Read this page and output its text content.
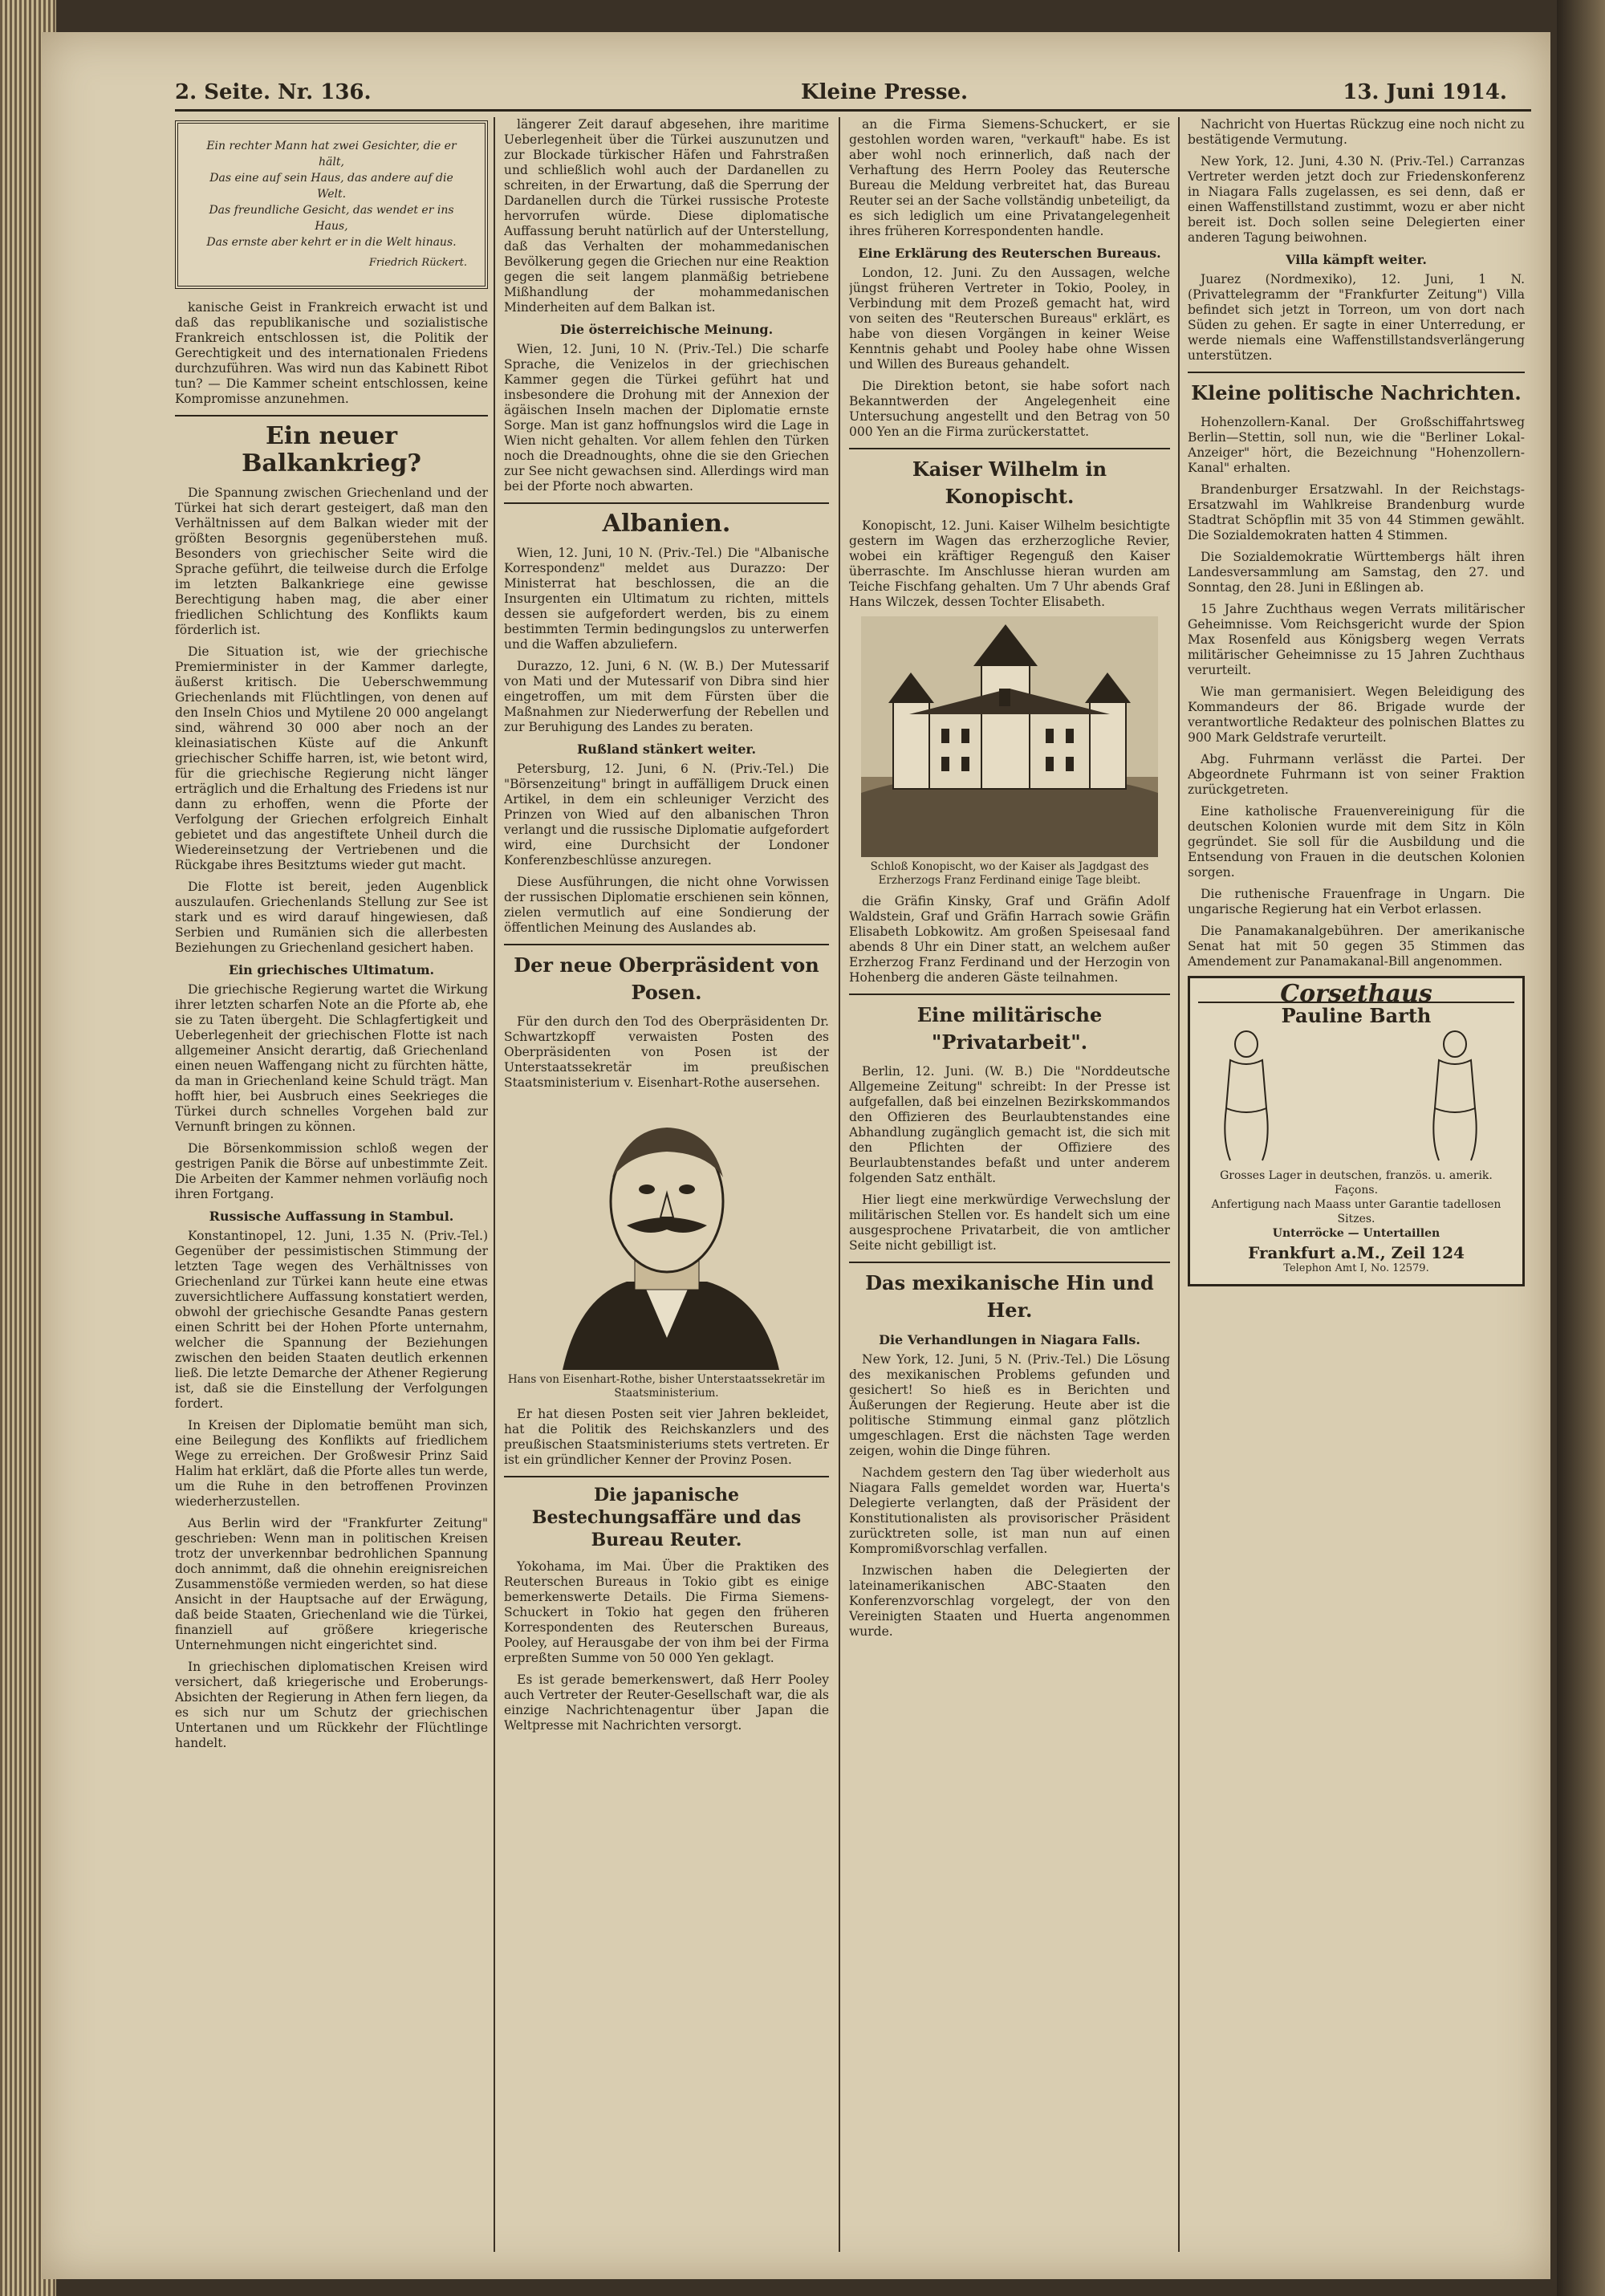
2. Seite. Nr. 136.	Kleine Presse.	13. Juni 1914.
Ein rechter Mann hat zwei Gesichter, die er hält,
Das eine auf sein Haus, das andere auf die Welt.
Das freundliche Gesicht, das wendet er ins Haus,
Das ernste aber kehrt er in die Welt hinaus.
Friedrich Rückert.

kanische Geist in Frankreich erwacht ist und daß das republikanische und sozialistische Frankreich entschlossen ist, die Politik der Gerechtigkeit und des internationalen Friedens durchzuführen. Was wird nun das Kabinett Ribot tun? — Die Kammer scheint entschlossen, keine Kompromisse anzunehmen.

Ein neuer Balkankrieg?

Die Spannung zwischen Griechenland und der Türkei hat sich derart gesteigert, daß man den Verhältnissen auf dem Balkan wieder mit der größten Besorgnis gegenüberstehen muß. Besonders von griechischer Seite wird die Sprache geführt, die teilweise durch die Erfolge im letzten Balkankriege eine gewisse Berechtigung haben mag, die aber einer friedlichen Schlichtung des Konflikts kaum förderlich ist.

Die Situation ist, wie der griechische Premierminister in der Kammer darlegte, äußerst kritisch. Die Ueberschwemmung Griechenlands mit Flüchtlingen, von denen auf den Inseln Chios und Mytilene 20 000 angelangt sind, während 30 000 aber noch an der kleinasiatischen Küste auf die Ankunft griechischer Schiffe harren, ist, wie betont wird, für die griechische Regierung nicht länger erträglich und die Erhaltung des Friedens ist nur dann zu erhoffen, wenn die Pforte der Verfolgung der Griechen erfolgreich Einhalt gebietet und das angestiftete Unheil durch die Wiedereinsetzung der Vertriebenen und die Rückgabe ihres Besitztums wieder gut macht.

Die Flotte ist bereit, jeden Augenblick auszulaufen. Griechenlands Stellung zur See ist stark und es wird darauf hingewiesen, daß Serbien und Rumänien sich die allerbesten Beziehungen zu Griechenland gesichert haben.

Ein griechisches Ultimatum.

Die griechische Regierung wartet die Wirkung ihrer letzten scharfen Note an die Pforte ab, ehe sie zu Taten übergeht. Die Schlagfertigkeit und Ueberlegenheit der griechischen Flotte ist nach allgemeiner Ansicht derartig, daß Griechenland einen neuen Waffengang nicht zu fürchten hätte, da man in Griechenland keine Schuld trägt. Man hofft hier, bei Ausbruch eines Seekrieges die Türkei durch schnelles Vorgehen bald zur Vernunft bringen zu können.

Die Börsenkommission schloß wegen der gestrigen Panik die Börse auf unbestimmte Zeit. Die Arbeiten der Kammer nehmen vorläufig noch ihren Fortgang.

Russische Auffassung in Stambul.

Konstantinopel, 12. Juni, 1.35 N. (Priv.-Tel.) Gegenüber der pessimistischen Stimmung der letzten Tage wegen des Verhältnisses von Griechenland zur Türkei kann heute eine etwas zuversichtlichere Auffassung konstatiert werden, obwohl der griechische Gesandte Panas gestern einen Schritt bei der Hohen Pforte unternahm, welcher die Spannung der Beziehungen zwischen den beiden Staaten deutlich erkennen ließ. Die letzte Demarche der Athener Regierung ist, daß sie die Einstellung der Verfolgungen fordert.

In Kreisen der Diplomatie bemüht man sich, eine Beilegung des Konflikts auf friedlichem Wege zu erreichen. Der Großwesir Prinz Said Halim hat erklärt, daß die Pforte alles tun werde, um die Ruhe in den betroffenen Provinzen wiederherzustellen.

Aus Berlin wird der "Frankfurter Zeitung" geschrieben: Wenn man in politischen Kreisen trotz der unverkennbar bedrohlichen Spannung doch annimmt, daß die ohnehin ereignisreichen Zusammenstöße vermieden werden, so hat diese Ansicht in der Hauptsache auf der Erwägung, daß beide Staaten, Griechenland wie die Türkei, finanziell auf größere kriegerische Unternehmungen nicht eingerichtet sind.

In griechischen diplomatischen Kreisen wird versichert, daß kriegerische und Eroberungs-Absichten der Regierung in Athen fern liegen, da es sich nur um Schutz der griechischen Untertanen und um Rückkehr der Flüchtlinge handelt.

längerer Zeit darauf abgesehen, ihre maritime Ueberlegenheit über die Türkei auszunutzen und zur Blockade türkischer Häfen und Fahrstraßen und schließlich wohl auch der Dardanellen zu schreiten, in der Erwartung, daß die Sperrung der Dardanellen durch die Türkei russische Proteste hervorrufen würde. Diese diplomatische Auffassung beruht natürlich auf der Unterstellung, daß das Verhalten der mohammedanischen Bevölkerung gegen die Griechen nur eine Reaktion gegen die seit langem planmäßig betriebene Mißhandlung der mohammedanischen Minderheiten auf dem Balkan ist.

Die österreichische Meinung.

Wien, 12. Juni, 10 N. (Priv.-Tel.) Die scharfe Sprache, die Venizelos in der griechischen Kammer gegen die Türkei geführt hat und insbesondere die Drohung mit der Annexion der ägäischen Inseln machen der Diplomatie ernste Sorge. Man ist ganz hoffnungslos wird die Lage in Wien nicht gehalten. Vor allem fehlen den Türken noch die Dreadnoughts, ohne die sie den Griechen zur See nicht gewachsen sind. Allerdings wird man bei der Pforte noch abwarten.

Albanien.

Wien, 12. Juni, 10 N. (Priv.-Tel.) Die "Albanische Korrespondenz" meldet aus Durazzo: Der Ministerrat hat beschlossen, die an die Insurgenten ein Ultimatum zu richten, mittels dessen sie aufgefordert werden, bis zu einem bestimmten Termin bedingungslos zu unterwerfen und die Waffen abzuliefern.

Durazzo, 12. Juni, 6 N. (W. B.) Der Mutessarif von Mati und der Mutessarif von Dibra sind hier eingetroffen, um mit dem Fürsten über die Maßnahmen zur Niederwerfung der Rebellen und zur Beruhigung des Landes zu beraten.

Rußland stänkert weiter.

Petersburg, 12. Juni, 6 N. (Priv.-Tel.) Die "Börsenzeitung" bringt in auffälligem Druck einen Artikel, in dem ein schleuniger Verzicht des Prinzen von Wied auf den albanischen Thron verlangt und die russische Diplomatie aufgefordert wird, eine Durchsicht der Londoner Konferenzbeschlüsse anzuregen.

Diese Ausführungen, die nicht ohne Vorwissen der russischen Diplomatie erschienen sein können, zielen vermutlich auf eine Sondierung der öffentlichen Meinung des Auslandes ab.

Der neue Oberpräsident von Posen.

Für den durch den Tod des Oberpräsidenten Dr. Schwartzkopff verwaisten Posten des Oberpräsidenten von Posen ist der Unterstaatssekretär im preußischen Staatsministerium v. Eisenhart-Rothe ausersehen.

Hans von Eisenhart-Rothe, bisher Unterstaatssekretär im Staatsministerium.

Er hat diesen Posten seit vier Jahren bekleidet, hat die Politik des Reichskanzlers und des preußischen Staatsministeriums stets vertreten. Er ist ein gründlicher Kenner der Provinz Posen.

Die japanische Bestechungsaffäre und das Bureau Reuter.

Yokohama, im Mai. Über die Praktiken des Reuterschen Bureaus in Tokio gibt es einige bemerkenswerte Details. Die Firma Siemens-Schuckert in Tokio hat gegen den früheren Korrespondenten des Reuterschen Bureaus, Pooley, auf Herausgabe der von ihm bei der Firma erpreßten Summe von 50 000 Yen geklagt.

Es ist gerade bemerkenswert, daß Herr Pooley auch Vertreter der Reuter-Gesellschaft war, die als einzige Nachrichtenagentur über Japan die Weltpresse mit Nachrichten versorgt.

an die Firma Siemens-Schuckert, er sie gestohlen worden waren, "verkauft" habe. Es ist aber wohl noch erinnerlich, daß nach der Verhaftung des Herrn Pooley das Reutersche Bureau die Meldung verbreitet hat, das Bureau Reuter sei an der Sache vollständig unbeteiligt, da es sich lediglich um eine Privatangelegenheit ihres früheren Korrespondenten handle.

Eine Erklärung des Reuterschen Bureaus.

London, 12. Juni. Zu den Aussagen, welche jüngst früheren Vertreter in Tokio, Pooley, in Verbindung mit dem Prozeß gemacht hat, wird von seiten des "Reuterschen Bureaus" erklärt, es habe von diesen Vorgängen in keiner Weise Kenntnis gehabt und Pooley habe ohne Wissen und Willen des Bureaus gehandelt.

Die Direktion betont, sie habe sofort nach Bekanntwerden der Angelegenheit eine Untersuchung angestellt und den Betrag von 50 000 Yen an die Firma zurückerstattet.

Kaiser Wilhelm in Konopischt.

Konopischt, 12. Juni. Kaiser Wilhelm besichtigte gestern im Wagen das erzherzogliche Revier, wobei ein kräftiger Regenguß den Kaiser überraschte. Im Anschlusse hieran wurden am Teiche Fischfang gehalten. Um 7 Uhr abends Graf Hans Wilczek, dessen Tochter Elisabeth.

Schloß Konopischt, wo der Kaiser als Jagdgast des Erzherzogs Franz Ferdinand einige Tage bleibt.

die Gräfin Kinsky, Graf und Gräfin Adolf Waldstein, Graf und Gräfin Harrach sowie Gräfin Elisabeth Lobkowitz. Am großen Speisesaal fand abends 8 Uhr ein Diner statt, an welchem außer Erzherzog Franz Ferdinand und der Herzogin von Hohenberg die anderen Gäste teilnahmen.

Eine militärische "Privatarbeit".

Berlin, 12. Juni. (W. B.) Die "Norddeutsche Allgemeine Zeitung" schreibt: In der Presse ist aufgefallen, daß bei einzelnen Bezirkskommandos den Offizieren des Beurlaubtenstandes eine Abhandlung zugänglich gemacht ist, die sich mit den Pflichten der Offiziere des Beurlaubtenstandes befaßt und unter anderem folgenden Satz enthält.

Hier liegt eine merkwürdige Verwechslung der militärischen Stellen vor. Es handelt sich um eine ausgesprochene Privatarbeit, die von amtlicher Seite nicht gebilligt ist.

Das mexikanische Hin und Her.
Die Verhandlungen in Niagara Falls.

New York, 12. Juni, 5 N. (Priv.-Tel.) Die Lösung des mexikanischen Problems gefunden und gesichert! So hieß es in Berichten und Äußerungen der Regierung. Heute aber ist die politische Stimmung einmal ganz plötzlich umgeschlagen. Erst die nächsten Tage werden zeigen, wohin die Dinge führen.

Nachdem gestern den Tag über wiederholt aus Niagara Falls gemeldet worden war, Huerta's Delegierte verlangten, daß der Präsident der Konstitutionalisten als provisorischer Präsident zurücktreten solle, ist man nun auf einen Kompromißvorschlag verfallen.

Inzwischen haben die Delegierten der lateinamerikanischen ABC-Staaten den Konferenzvorschlag vorgelegt, der von den Vereinigten Staaten und Huerta angenommen wurde.

Nachricht von Huertas Rückzug eine noch nicht zu bestätigende Vermutung.

New York, 12. Juni, 4.30 N. (Priv.-Tel.) Carranzas Vertreter werden jetzt doch zur Friedenskonferenz in Niagara Falls zugelassen, es sei denn, daß er einen Waffenstillstand zustimmt, wozu er aber nicht bereit ist. Doch sollen seine Delegierten einer anderen Tagung beiwohnen.

Villa kämpft weiter.

Juarez (Nordmexiko), 12. Juni, 1 N. (Privattelegramm der "Frankfurter Zeitung") Villa befindet sich jetzt in Torreon, um von dort nach Süden zu gehen. Er sagte in einer Unterredung, er werde niemals eine Waffenstillstandsverlängerung unterstützen.

Kleine politische Nachrichten.

Hohenzollern-Kanal. Der Großschiffahrtsweg Berlin—Stettin, soll nun, wie die "Berliner Lokal-Anzeiger" hört, die Bezeichnung "Hohenzollern-Kanal" erhalten.

Brandenburger Ersatzwahl. In der Reichstags-Ersatzwahl im Wahlkreise Brandenburg wurde Stadtrat Schöpflin mit 35 von 44 Stimmen gewählt. Die Sozialdemokraten hatten 4 Stimmen.

Die Sozialdemokratie Württembergs hält ihren Landesversammlung am Samstag, den 27. und Sonntag, den 28. Juni in Eßlingen ab.

15 Jahre Zuchthaus wegen Verrats militärischer Geheimnisse. Vom Reichsgericht wurde der Spion Max Rosenfeld aus Königsberg wegen Verrats militärischer Geheimnisse zu 15 Jahren Zuchthaus verurteilt.

Wie man germanisiert. Wegen Beleidigung des Kommandeurs der 86. Brigade wurde der verantwortliche Redakteur des polnischen Blattes zu 900 Mark Geldstrafe verurteilt.

Abg. Fuhrmann verlässt die Partei. Der Abgeordnete Fuhrmann ist von seiner Fraktion zurückgetreten.

Eine katholische Frauenvereinigung für die deutschen Kolonien wurde mit dem Sitz in Köln gegründet. Sie soll für die Ausbildung und die Entsendung von Frauen in die deutschen Kolonien sorgen.

Die ruthenische Frauenfrage in Ungarn. Die ungarische Regierung hat ein Verbot erlassen.

Die Panamakanalgebühren. Der amerikanische Senat hat mit 50 gegen 35 Stimmen das Amendement zur Panamakanal-Bill angenommen.

Corsethaus
Pauline Barth
Grosses Lager in deutschen, französ. u. amerik. Façons.
Anfertigung nach Maass unter Garantie tadellosen Sitzes.
Unterröcke — Untertaillen
Frankfurt a.M., Zeil 124
Telephon Amt I, No. 12579.
